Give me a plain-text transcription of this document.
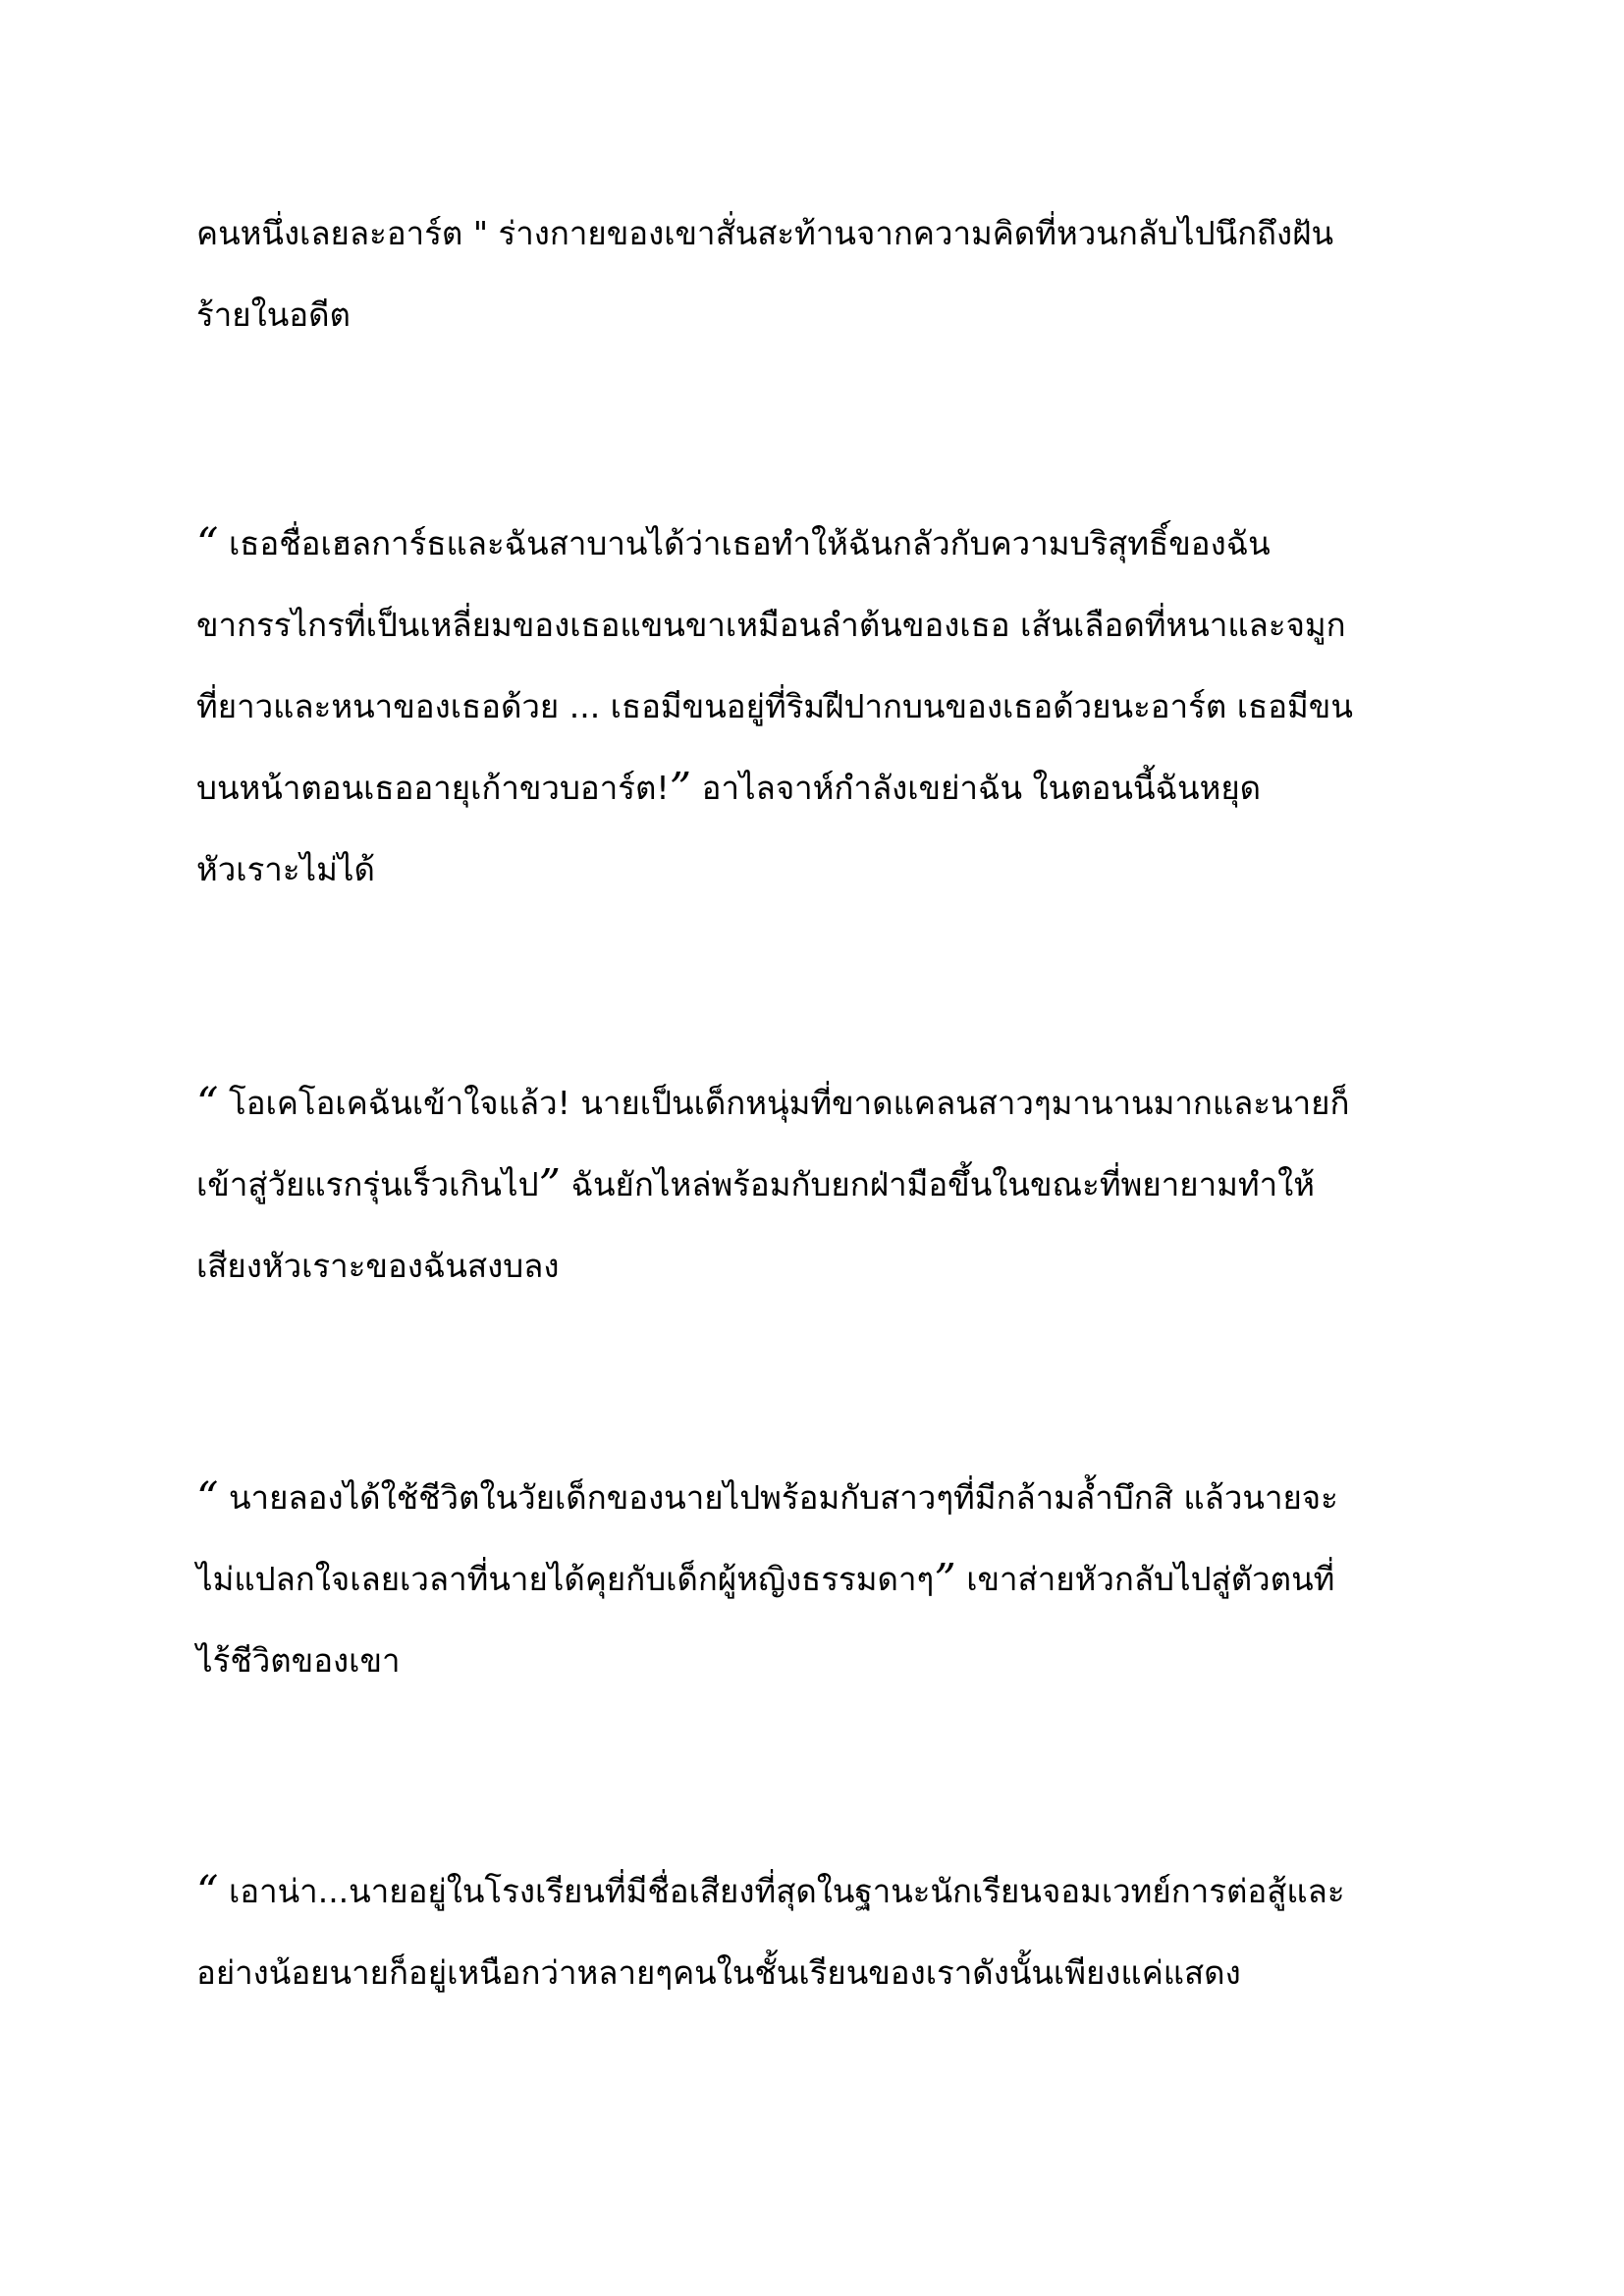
คนหนึ่งเลยละอาร์ต " ร่างกายของเขาสั่นสะท้านจากความคิดที่หวนกลับไปนึกถึงฝัน
ร้ายในอดีต

“ เธอชื่อเฮลการ์ธและฉันสาบานได้ว่าเธอทำให้ฉันกลัวกับความบริสุทธิ์ของฉัน
ขากรรไกรที่เป็นเหลี่ยมของเธอแขนขาเหมือนลำต้นของเธอ เส้นเลือดที่หนาและจมูก
ที่ยาวและหนาของเธอด้วย ... เธอมีขนอยู่ที่ริมฝีปากบนของเธอด้วยนะอาร์ต เธอมีขน
บนหน้าตอนเธออายุเก้าขวบอาร์ต!” อาไลจาห์กำลังเขย่าฉัน ในตอนนี้ฉันหยุด
หัวเราะไม่ได้

“ โอเคโอเคฉันเข้าใจแล้ว! นายเป็นเด็กหนุ่มที่ขาดแคลนสาวๆมานานมากและนายก็
เข้าสู่วัยแรกรุ่นเร็วเกินไป” ฉันยักไหล่พร้อมกับยกฝ่ามือขึ้นในขณะที่พยายามทำให้
เสียงหัวเราะของฉันสงบลง

“ นายลองได้ใช้ชีวิตในวัยเด็กของนายไปพร้อมกับสาวๆที่มีกล้ามล้ำบึกสิ แล้วนายจะ
ไม่แปลกใจเลยเวลาที่นายได้คุยกับเด็กผู้หญิงธรรมดาๆ” เขาส่ายหัวกลับไปสู่ตัวตนที่
ไร้ชีวิตของเขา

“ เอาน่า...นายอยู่ในโรงเรียนที่มีชื่อเสียงที่สุดในฐานะนักเรียนจอมเวทย์การต่อสู้และ
อย่างน้อยนายก็อยู่เหนือกว่าหลายๆคนในชั้นเรียนของเราดังนั้นเพียงแค่แสดง
